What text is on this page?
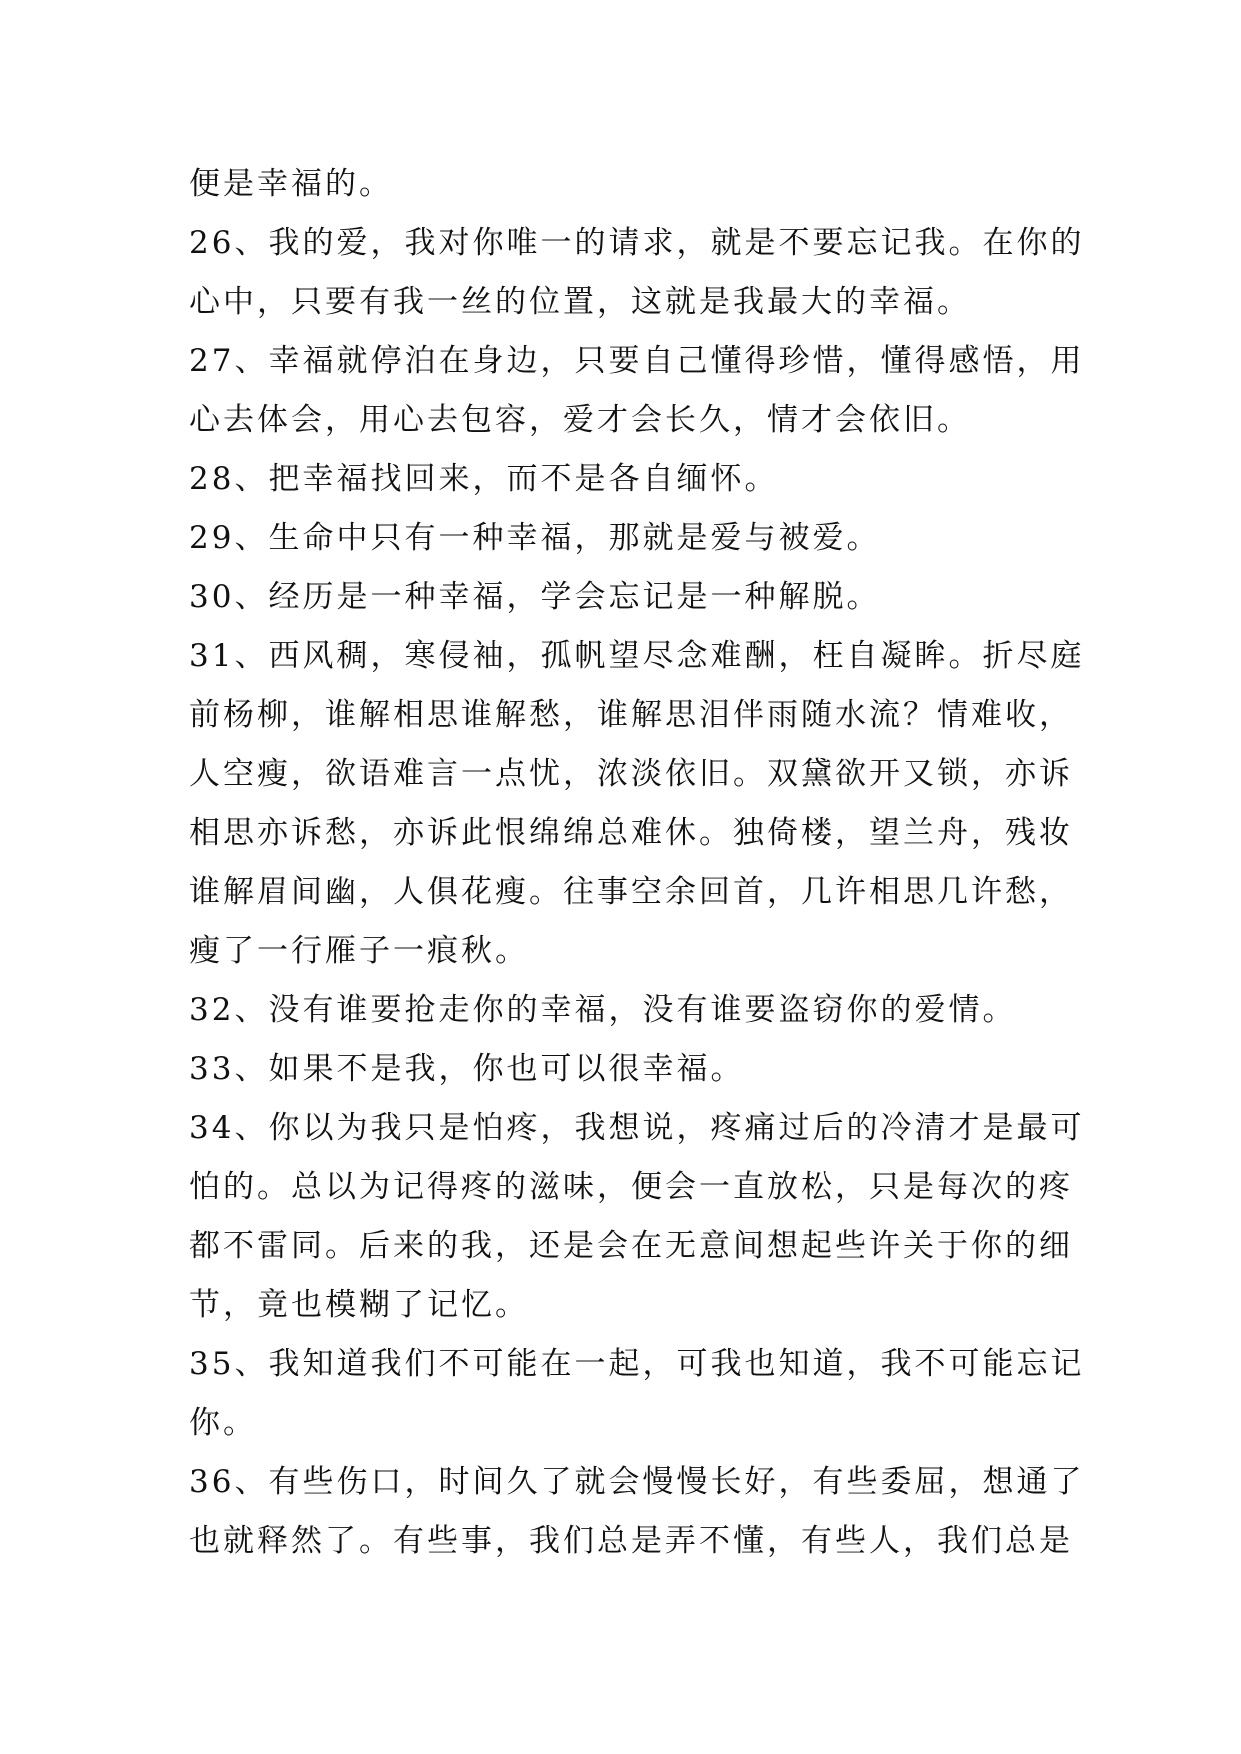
便是幸福的。
26、我的爱，我对你唯一的请求，就是不要忘记我。在你的
心中，只要有我一丝的位置，这就是我最大的幸福。
27、幸福就停泊在身边，只要自己懂得珍惜，懂得感悟，用
心去体会，用心去包容，爱才会长久，情才会依旧。
28、把幸福找回来，而不是各自缅怀。
29、生命中只有一种幸福，那就是爱与被爱。
30、经历是一种幸福，学会忘记是一种解脱。
31、西风稠，寒侵袖，孤帆望尽念难酬，枉自凝眸。折尽庭
前杨柳，谁解相思谁解愁，谁解思泪伴雨随水流？情难收，
人空瘦，欲语难言一点忧，浓淡依旧。双黛欲开又锁，亦诉
相思亦诉愁，亦诉此恨绵绵总难休。独倚楼，望兰舟，残妆
谁解眉间幽，人俱花瘦。往事空余回首，几许相思几许愁，
瘦了一行雁子一痕秋。
32、没有谁要抢走你的幸福，没有谁要盗窃你的爱情。
33、如果不是我，你也可以很幸福。
34、你以为我只是怕疼，我想说，疼痛过后的冷清才是最可
怕的。总以为记得疼的滋味，便会一直放松，只是每次的疼
都不雷同。后来的我，还是会在无意间想起些许关于你的细
节，竟也模糊了记忆。
35、我知道我们不可能在一起，可我也知道，我不可能忘记
你。
36、有些伤口，时间久了就会慢慢长好，有些委屈，想通了
也就释然了。有些事，我们总是弄不懂，有些人，我们总是
